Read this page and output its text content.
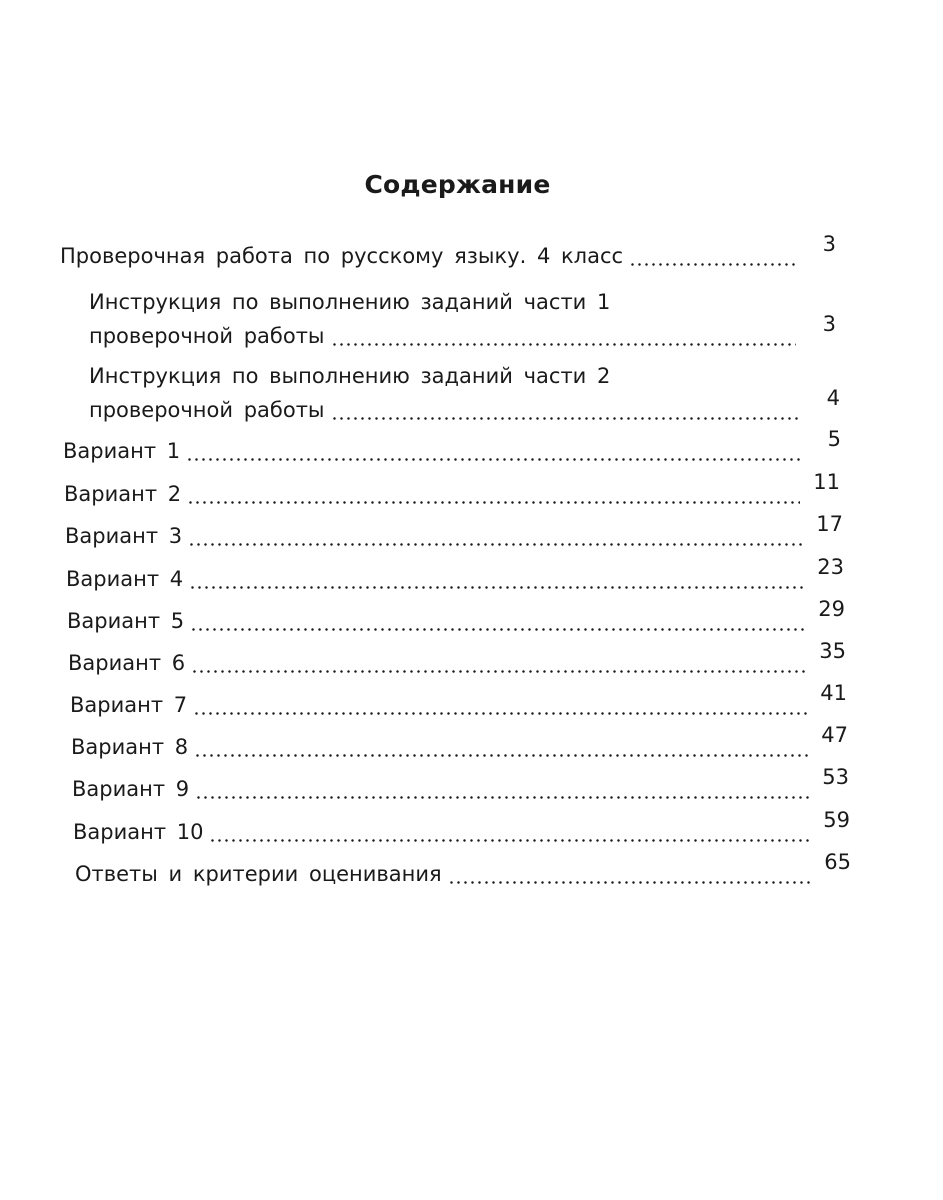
Содержание
Проверочная работа по русскому языку. 4 класс	3
Инструкция по выполнению заданий части 1
проверочной работы	3
Инструкция по выполнению заданий части 2
проверочной работы	4
Вариант 1	5
Вариант 2	11
Вариант 3	17
Вариант 4	23
Вариант 5	29
Вариант 6	35
Вариант 7	41
Вариант 8	47
Вариант 9	53
Вариант 10	59
Ответы и критерии оценивания	65
